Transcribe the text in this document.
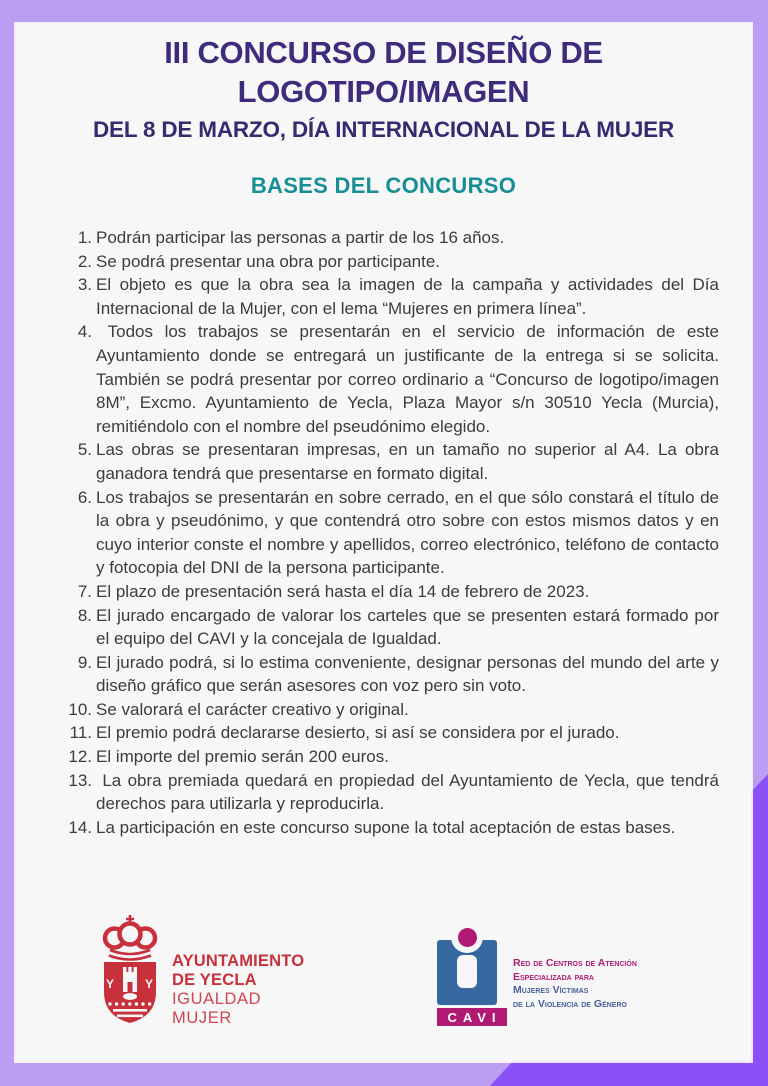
III CONCURSO DE DISEÑO DE LOGOTIPO/IMAGEN
DEL 8 DE MARZO, DÍA INTERNACIONAL DE LA MUJER
BASES DEL CONCURSO
1. Podrán participar las personas a partir de los 16 años.
2. Se podrá presentar una obra por participante.
3. El objeto es que la obra sea la imagen de la campaña y actividades del Día Internacional de la Mujer, con el lema “Mujeres en primera línea”.
4. Todos los trabajos se presentarán en el servicio de información de este Ayuntamiento donde se entregará un justificante de la entrega si se solicita. También se podrá presentar por correo ordinario a “Concurso de logotipo/imagen 8M”, Excmo. Ayuntamiento de Yecla, Plaza Mayor s/n 30510 Yecla (Murcia), remitiéndolo con el nombre del pseudónimo elegido.
5. Las obras se presentaran impresas, en un tamaño no superior al A4. La obra ganadora tendrá que presentarse en formato digital.
6. Los trabajos se presentarán en sobre cerrado, en el que sólo constará el título de la obra y pseudónimo, y que contendrá otro sobre con estos mismos datos y en cuyo interior conste el nombre y apellidos, correo electrónico, teléfono de contacto y fotocopia del DNI de la persona participante.
7. El plazo de presentación será hasta el día 14 de febrero de 2023.
8. El jurado encargado de valorar los carteles que se presenten estará formado por el equipo del CAVI y la concejala de Igualdad.
9. El jurado podrá, si lo estima conveniente, designar personas del mundo del arte y diseño gráfico que serán asesores con voz pero sin voto.
10. Se valorará el carácter creativo y original.
11. El premio podrá declararse desierto, si así se considera por el jurado.
12. El importe del premio serán 200 euros.
13. La obra premiada quedará en propiedad del Ayuntamiento de Yecla, que tendrá derechos para utilizarla y reproducirla.
14. La participación en este concurso supone la total aceptación de estas bases.
Y	Y
AYUNTAMIENTO
DE YECLA
IGUALDAD
MUJER	CAVI
Red de Centros de Atención
Especializada para
Mujeres Víctimas
de la Violencia de Género
